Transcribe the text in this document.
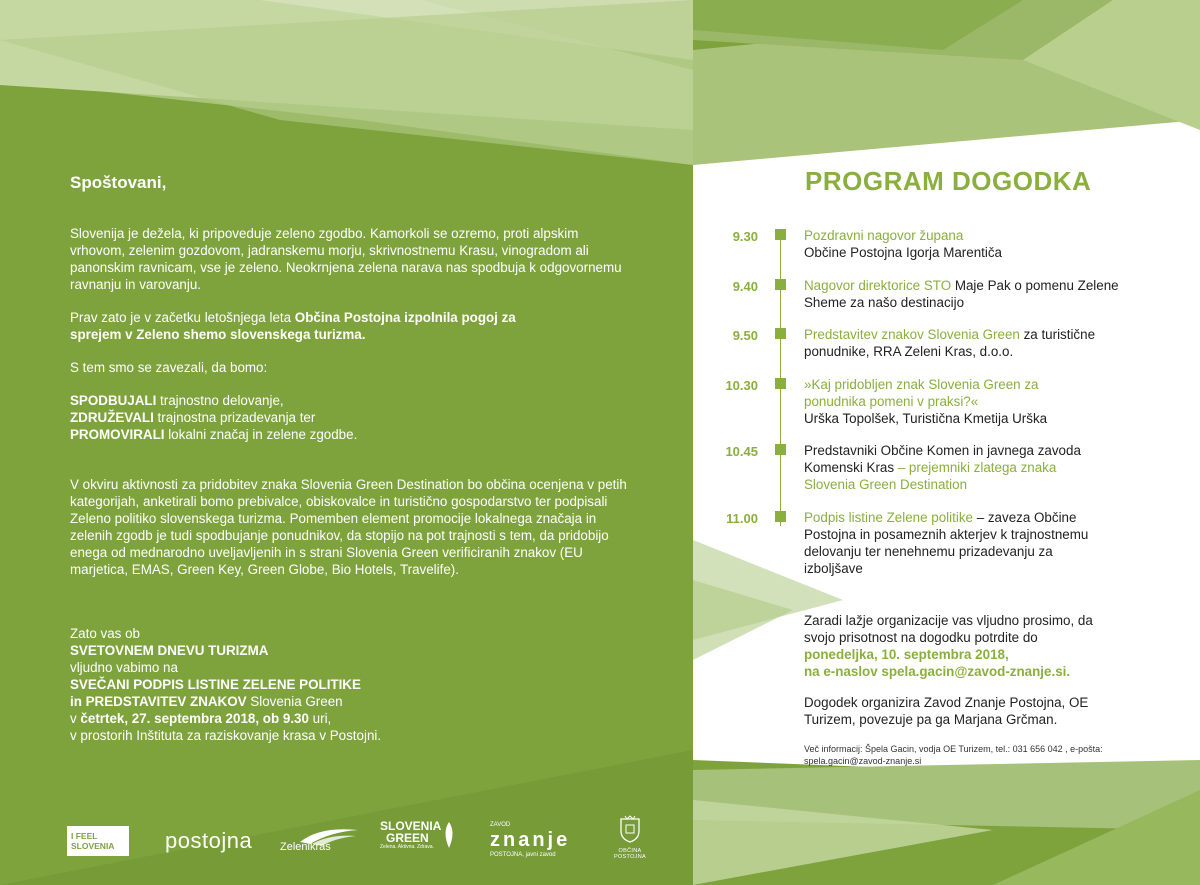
Spoštovani,
Slovenija je dežela, ki pripoveduje zeleno zgodbo. Kamorkoli se ozremo, proti alpskim vrhovom, zelenim gozdovom, jadranskemu morju, skrivnostnemu Krasu, vinogradom ali panonskim ravnicam, vse je zeleno. Neokrnjena zelena narava nas spodbuja k odgovornemu ravnanju in varovanju.
Prav zato je v začetku letošnjega leta Občina Postojna izpolnila pogoj za sprejem v Zeleno shemo slovenskega turizma.
S tem smo se zavezali, da bomo:
SPODBUJALI trajnostno delovanje,
ZDRUŽEVALI trajnostna prizadevanja ter
PROMOVIRALI lokalni značaj in zelene zgodbe.
V okviru aktivnosti za pridobitev znaka Slovenia Green Destination bo občina ocenjena v petih kategorijah, anketirali bomo prebivalce, obiskovalce in turistično gospodarstvo ter podpisali Zeleno politiko slovenskega turizma. Pomemben element promocije lokalnega značaja in zelenih zgodb je tudi spodbujanje ponudnikov, da stopijo na pot trajnosti s tem, da pridobijo enega od mednarodno uveljavljenih in s strani Slovenia Green verificiranih znakov (EU marjetica, EMAS, Green Key, Green Globe, Bio Hotels, Travelife).
Zato vas ob
SVETOVNEM DNEVU TURIZMA
vljudno vabimo na
SVEČANI PODPIS LISTINE ZELENE POLITIKE
in PREDSTAVITEV ZNAKOV Slovenia Green
v četrtek, 27. septembra 2018, ob 9.30 uri,
v prostorih Inštituta za raziskovanje krasa v Postojni.
I FEEL SLOVENIA	postojna	Zelenikras
SLOVENIA
GREEN
Zelena. Aktivna. Zdrava.
ZAVOD
znanje
POSTOJNA, javni zavod
OBČINA POSTOJNA
PROGRAM DOGODKA
9.30	Pozdravni nagovor župana
Občine Postojna Igorja Marentiča
9.40	Nagovor direktorice STO Maje Pak o pomenu Zelene Sheme za našo destinacijo
9.50	Predstavitev znakov Slovenia Green za turistične ponudnike, RRA Zeleni Kras, d.o.o.
10.30	»Kaj pridobljen znak Slovenia Green za ponudnika pomeni v praksi?«
Urška Topolšek, Turistična Kmetija Urška
10.45	Predstavniki Občine Komen in javnega zavoda Komenski Kras – prejemniki zlatega znaka Slovenia Green Destination
11.00	Podpis listine Zelene politike – zaveza Občine Postojna in posameznih akterjev k trajnostnemu delovanju ter nenehnemu prizadevanju za izboljšave
Zaradi lažje organizacije vas vljudno prosimo, da svojo prisotnost na dogodku potrdite do
ponedeljka, 10. septembra 2018,
na e-naslov spela.gacin@zavod-znanje.si.
Dogodek organizira Zavod Znanje Postojna, OE Turizem, povezuje pa ga Marjana Grčman.
Več informacij: Špela Gacin, vodja OE Turizem, tel.: 031 656 042 , e-pošta: spela.gacin@zavod-znanje.si
